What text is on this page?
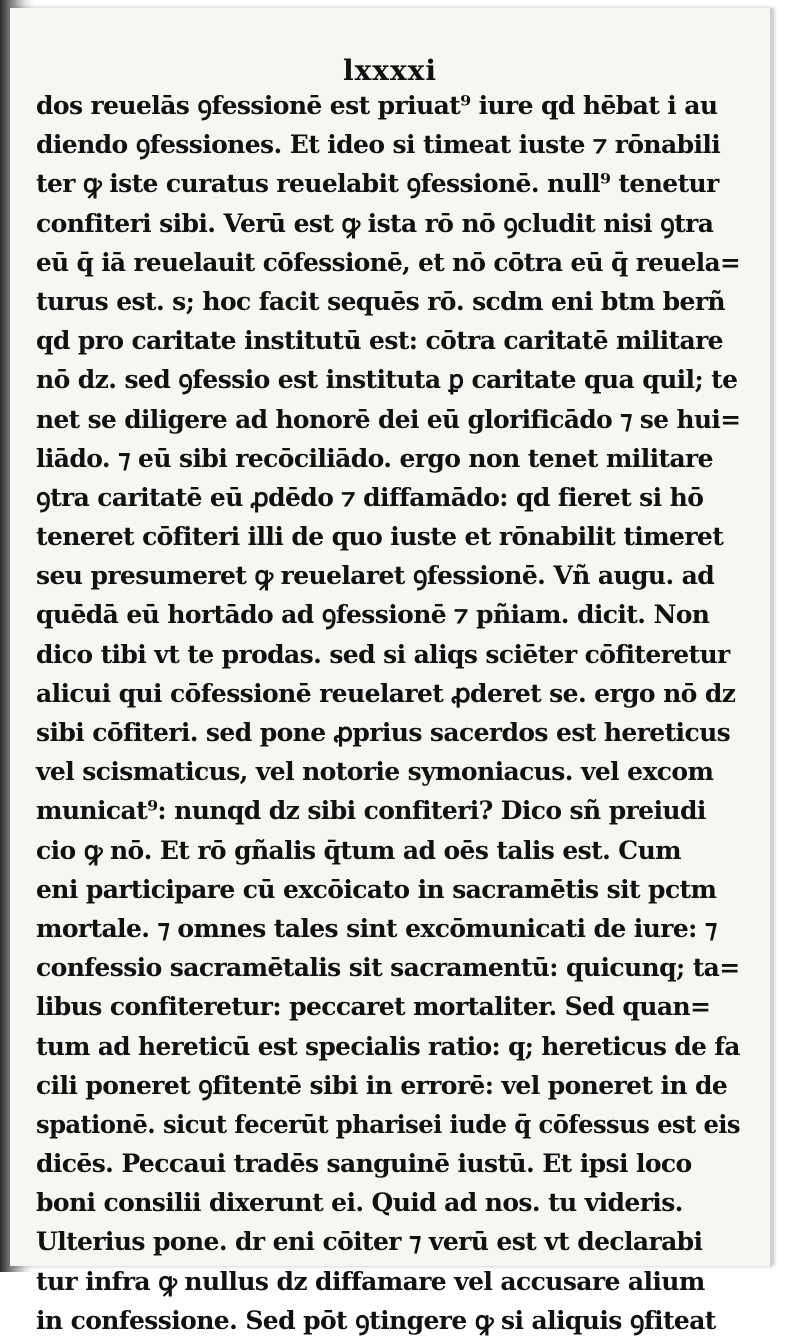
lxxxxi
dos reuelās ꝯfessionē est priuat⁹ iure qd hēbat i au
diendo ꝯfessiones. Et ideo si timeat iuste ⁊ rōnabili
ter ꝙ iste curatus reuelabit ꝯfessionē. null⁹ tenetur
confiteri sibi. Verū est ꝙ ista rō nō ꝯcludit nisi ꝯtra
eū q̄ iā reuelauit cōfessionē, et nō cōtra eū q̄ reuela=
turus est. s; hoc facit sequēs rō. scdm eni btm berñ
qd pro caritate institutū est: cōtra caritatē militare
nō dz. sed ꝯfessio est instituta ꝑ caritate qua quil; te
net se diligere ad honorē dei eū glorificādo ⁊ se hui=
liādo. ⁊ eū sibi recōciliādo. ergo non tenet militare
ꝯtra caritatē eū ꝓdēdo ⁊ diffamādo: qd fieret si hō
teneret cōfiteri illi de quo iuste et rōnabilit timeret
seu presumeret ꝙ reuelaret ꝯfessionē. Vñ augu. ad
quēdā eū hortādo ad ꝯfessionē ⁊ pñiam. dicit. Non
dico tibi vt te prodas. sed si aliqs sciēter cōfiteretur
alicui qui cōfessionē reuelaret ꝓderet se. ergo nō dz
sibi cōfiteri. sed pone ꝓprius sacerdos est hereticus
vel scismaticus, vel notorie symoniacus. vel excom
municat⁹: nunqd dz sibi confiteri? Dico sñ preiudi
cio ꝙ nō. Et rō gñalis q̄tum ad oēs talis est. Cum
eni participare cū excōicato in sacramētis sit pctm
mortale. ⁊ omnes tales sint excōmunicati de iure: ⁊
confessio sacramētalis sit sacramentū: quicunq; ta=
libus confiteretur: peccaret mortaliter. Sed quan=
tum ad hereticū est specialis ratio: q; hereticus de fa
cili poneret ꝯfitentē sibi in errorē: vel poneret in de
spationē. sicut fecerūt pharisei iude q̄ cōfessus est eis
dicēs. Peccaui tradēs sanguinē iustū. Et ipsi loco
boni consilii dixerunt ei. Quid ad nos. tu videris.
Ulterius pone. dr eni cōiter ⁊ verū est vt declarabi
tur infra ꝙ nullus dz diffamare vel accusare alium
in confessione. Sed pōt ꝯtingere ꝙ si aliquis ꝯfiteat
